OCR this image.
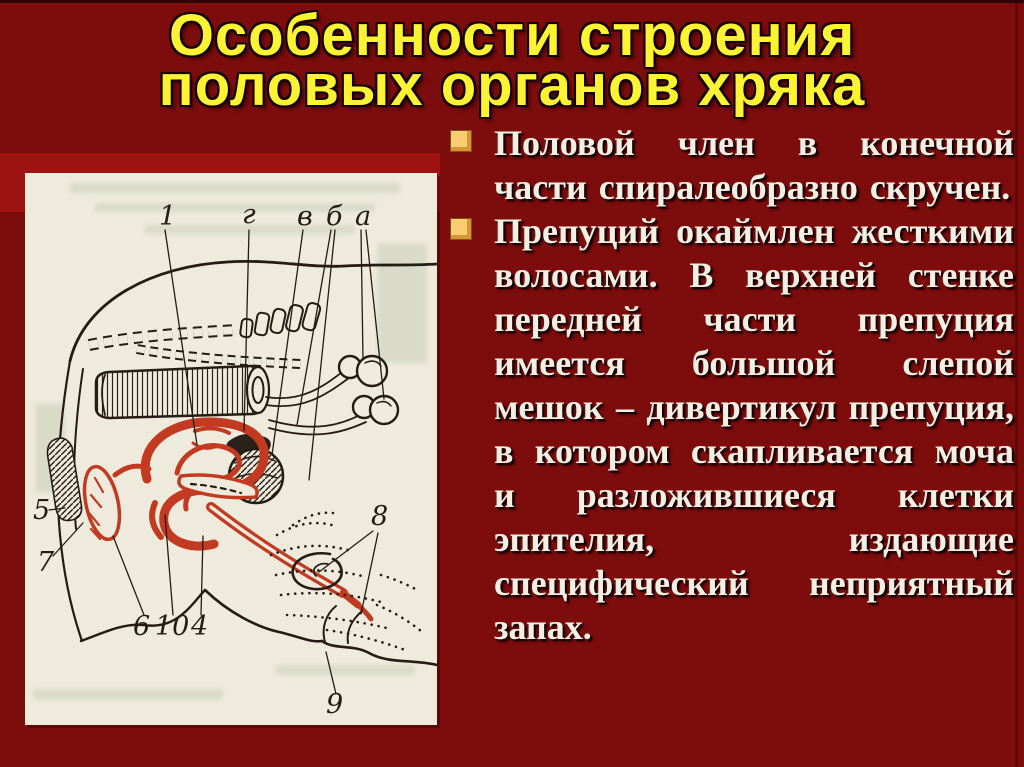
Особенности строения
половых органов хряка
1 г в б а
5
7
6 10 4
8
9
Половой член в конечной части спиралеобразно скручен.
Препуций окаймлен жесткими волосами. В верхней стенке передней части препуция имеется большой слепой мешок – дивертикул препуция, в котором скапливается моча и разложившиеся клетки эпителия, издающие специфический неприятный запах.
